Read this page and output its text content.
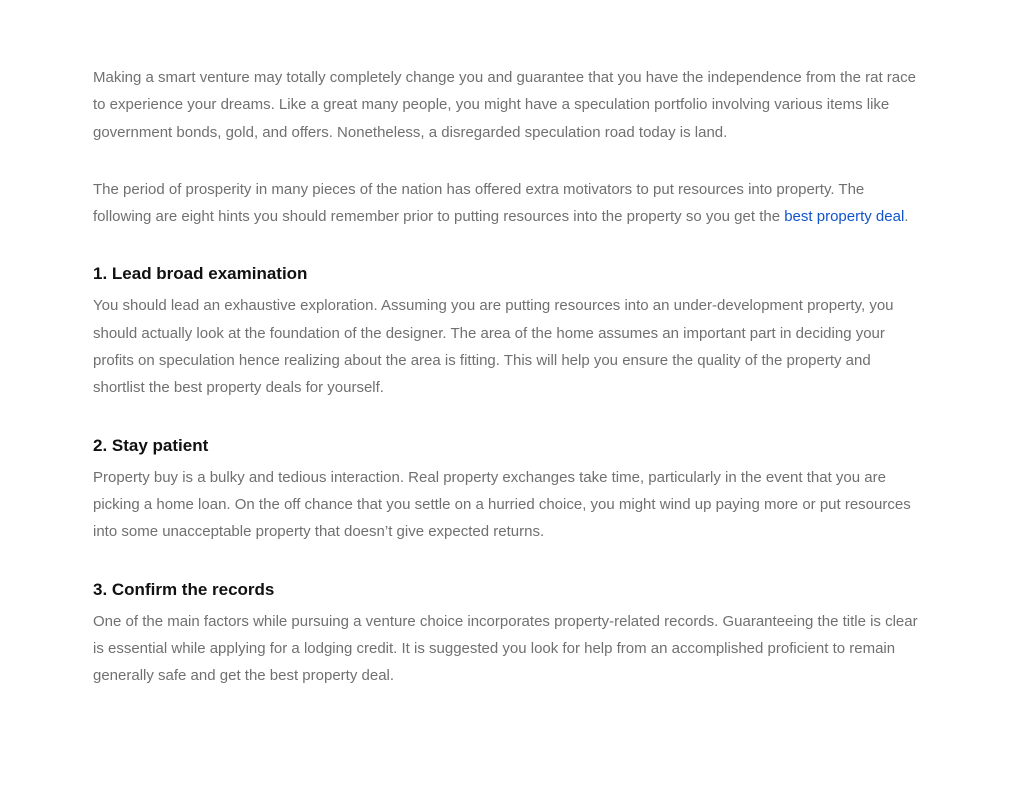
Making a smart venture may totally completely change you and guarantee that you have the independence from the rat race to experience your dreams. Like a great many people, you might have a speculation portfolio involving various items like government bonds, gold, and offers. Nonetheless, a disregarded speculation road today is land.

The period of prosperity in many pieces of the nation has offered extra motivators to put resources into property. The following are eight hints you should remember prior to putting resources into the property so you get the best property deal.

1. Lead broad examination

You should lead an exhaustive exploration. Assuming you are putting resources into an under-development property, you should actually look at the foundation of the designer. The area of the home assumes an important part in deciding your profits on speculation hence realizing about the area is fitting. This will help you ensure the quality of the property and shortlist the best property deals for yourself.

2. Stay patient

Property buy is a bulky and tedious interaction. Real property exchanges take time, particularly in the event that you are picking a home loan. On the off chance that you settle on a hurried choice, you might wind up paying more or put resources into some unacceptable property that doesn’t give expected returns.

3. Confirm the records

One of the main factors while pursuing a venture choice incorporates property-related records. Guaranteeing the title is clear is essential while applying for a lodging credit. It is suggested you look for help from an accomplished proficient to remain generally safe and get the best property deal.
